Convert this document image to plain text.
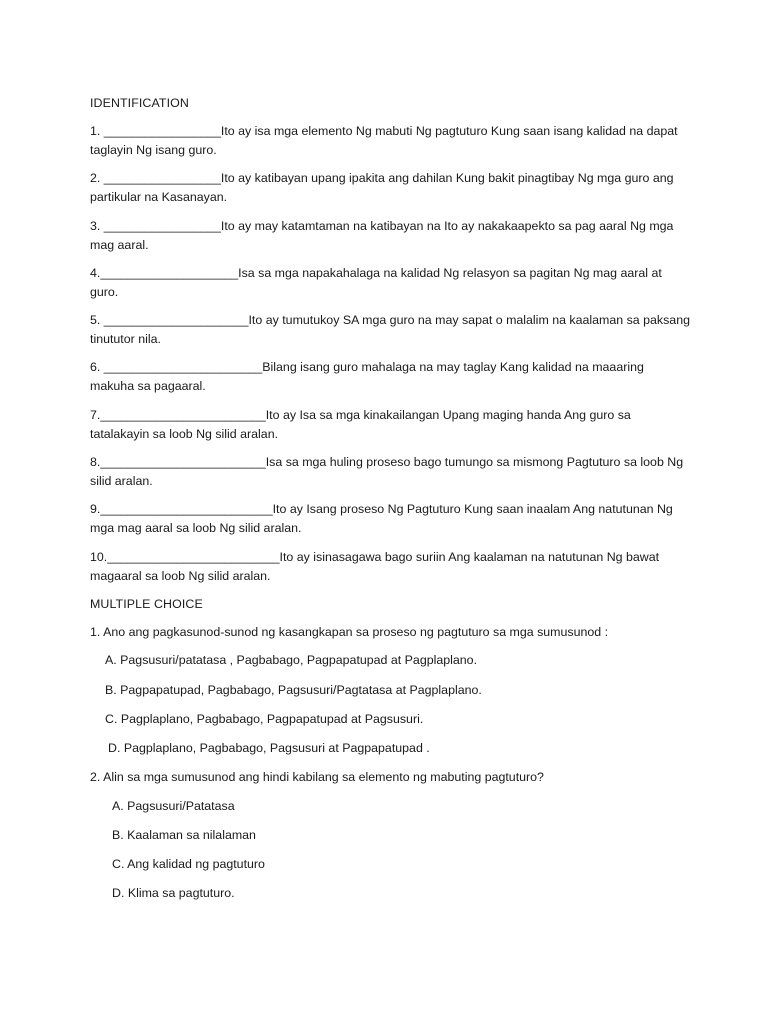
IDENTIFICATION
1. _________________Ito ay isa mga elemento Ng mabuti Ng pagtuturo Kung saan isang kalidad na dapat taglayin Ng isang guro.
2. _________________Ito ay katibayan upang ipakita ang dahilan Kung bakit pinagtibay Ng mga guro ang partikular na Kasanayan.
3. _________________Ito ay may katamtaman na katibayan na Ito ay nakakaapekto sa pag aaral Ng mga mag aaral.
4.____________________Isa sa mga napakahalaga na kalidad Ng relasyon sa pagitan Ng mag aaral at guro.
5. _____________________Ito ay tumutukoy SA mga guro na may sapat o malalim na kaalaman sa paksang tinututor nila.
6. _______________________Bilang isang guro mahalaga na may taglay Kang kalidad na maaaring makuha sa pagaaral.
7.________________________Ito ay Isa sa mga kinakailangan Upang maging handa Ang guro sa tatalakayin sa loob Ng silid aralan.
8.________________________Isa sa mga huling proseso bago tumungo sa mismong Pagtuturo sa loob Ng silid aralan.
9._________________________Ito ay Isang proseso Ng Pagtuturo Kung saan inaalam Ang natutunan Ng mga mag aaral sa loob Ng silid aralan.
10._________________________Ito ay isinasagawa bago suriin Ang kaalaman na natutunan Ng bawat magaaral sa loob Ng silid aralan.
MULTIPLE CHOICE
1. Ano ang pagkasunod-sunod ng kasangkapan sa proseso ng pagtuturo sa mga sumusunod :
A. Pagsusuri/patatasa , Pagbabago, Pagpapatupad at Pagplaplano.
B. Pagpapatupad, Pagbabago, Pagsusuri/Pagtatasa at Pagplaplano.
C. Pagplaplano, Pagbabago, Pagpapatupad at Pagsusuri.
D. Pagplaplano, Pagbabago, Pagsusuri at Pagpapatupad .
2. Alin sa mga sumusunod ang hindi kabilang sa elemento ng mabuting pagtuturo?
A. Pagsusuri/Patatasa
B. Kaalaman sa nilalaman
C. Ang kalidad ng pagtuturo
D. Klima sa pagtuturo.
